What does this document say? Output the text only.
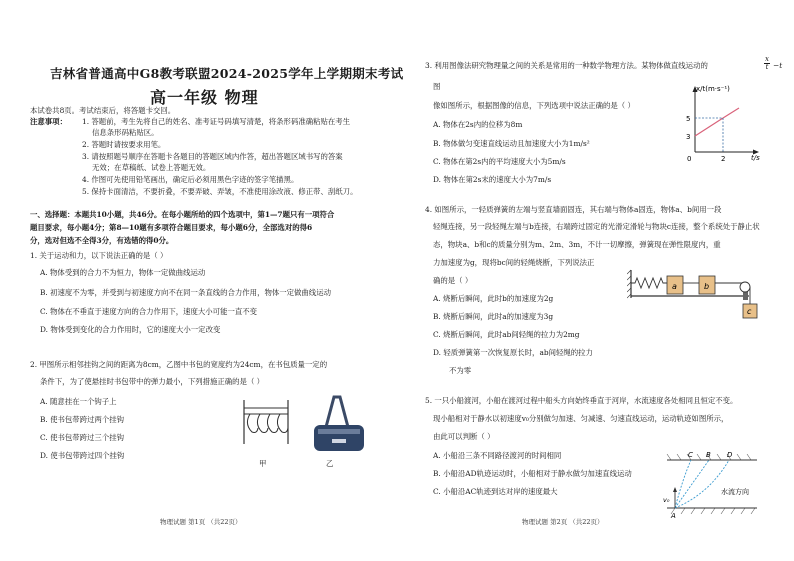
吉林省普通高中G8教考联盟2024-2025学年上学期期末考试
高一年级 物理
本试卷共8页。考试结束后，将答题卡交回。
注意事项： 1. 答题前，考生先将自己的姓名、准考证号码填写清楚，将条形码准确粘贴在考生
信息条形码粘贴区。
2. 答题时请按要求用笔。
3. 请按照题号顺序在答题卡各题目的答题区域内作答，超出答题区域书写的答案
无效；在草稿纸、试卷上答题无效。
4. 作图可先使用铅笔画出，确定后必须用黑色字迹的签字笔描黑。
5. 保持卡面清洁，不要折叠，不要弄破、弄皱，不准使用涂改液、修正带、刮纸刀。
一、选择题：本题共10小题，共46分。在每小题所给的四个选项中，第1—7题只有一项符合
题目要求，每小题4分；第8—10题有多项符合题目要求，每小题6分，全部选对的得6
分，选对但选不全得3分，有选错的得0分。
1. 关于运动和力，以下说法正确的是（ ）
A. 物体受到的合力不为恒力，物体一定做曲线运动
B. 初速度不为零，并受到与初速度方向不在同一条直线的合力作用，物体一定做曲线运动
C. 物体在不垂直于速度方向的合力作用下，速度大小可能一直不变
D. 物体受到变化的合力作用时，它的速度大小一定改变
2. 甲图所示相邻挂钩之间的距离为8cm，乙图中书包的宽度约为24cm，在书包质量一定的
条件下，为了使悬挂时书包带中的弹力最小，下列措施正确的是（ ）
A. 随意挂在一个钩子上
B. 使书包带跨过两个挂钩
C. 使书包带跨过三个挂钩
D. 使书包带跨过四个挂钩
甲	乙
物理试题 第1页 （共22页）
3. 利用图像法研究物理量之间的关系是常用的一种数学物理方法。某物体做直线运动的	$\frac{x}{t} -t$
图
像如图所示，根据图像的信息，下列选项中说法正确的是（ ）
A. 物体在2s内的位移为8m
B. 物体做匀变速直线运动且加速度大小为1m/s²
C. 物体在第2s内的平均速度大小为5m/s
D. 物体在第2s末的速度大小为7m/s
x/t(m·s⁻¹)
5
3
0	2	t/s
4. 如图所示，一轻质弹簧的左端与竖直墙面固连，其右端与物体a固连，物体a、b间用一段
轻绳连接，另一段轻绳左端与b连接，右端跨过固定的光滑定滑轮与物块c连接，整个系统处于静止状
态，物块a、b和c的质量分别为m、2m、3m，不计一切摩擦，弹簧现在弹性限度内，重
力加速度为g，现将bc间的轻绳烧断，下列说法正
确的是（ ）
A. 烧断后瞬间，此时b的加速度为2g
B. 烧断后瞬间，此时a的加速度为3g
C. 烧断后瞬间，此时ab间轻绳的拉力为2mg
D. 轻质弹簧第一次恢复原长时，ab间轻绳的拉力
不为零
a	b
c
5. 一只小船渡河，小船在渡河过程中船头方向始终垂直于河岸，水流速度各处相同且恒定不变。
现小船相对于静水以初速度v₀分别做匀加速、匀减速、匀速直线运动，运动轨迹如图所示，
由此可以判断（ ）
A. 小船沿三条不同路径渡河的时间相同
B. 小船沿AD轨迹运动时，小船相对于静水做匀加速直线运动
C. 小船沿AC轨迹到达对岸的速度最大
C B D
A
v₀
水流方向
物理试题 第2页 （共22页）
